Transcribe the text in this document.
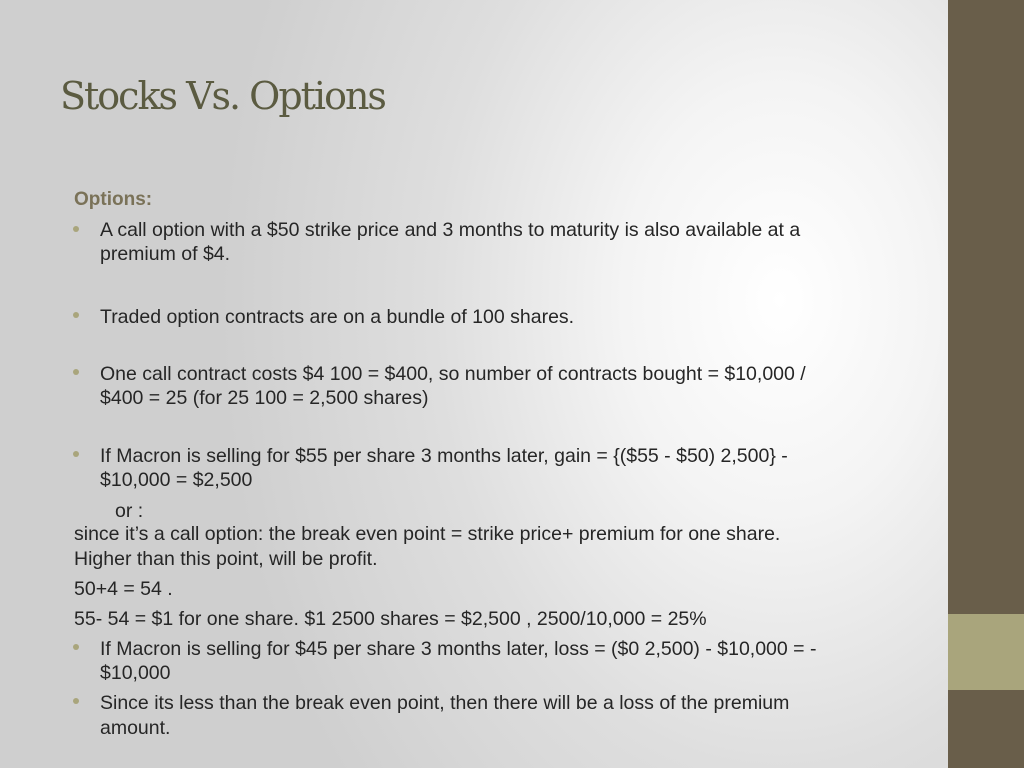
Stocks Vs. Options
Options:
A call option with a $50 strike price and 3 months to maturity is also available at a
premium of $4.
Traded option contracts are on a bundle of 100 shares.
One call contract costs $4 100 = $400, so number of contracts bought = $10,000 /
$400 = 25 (for 25 100 = 2,500 shares)
If Macron is selling for $55 per share 3 months later, gain = {($55 - $50) 2,500} -
$10,000 = $2,500
or :
since it’s a call option: the break even point = strike price+ premium for one share.
Higher than this point, will be profit.
50+4 = 54 .
55- 54 = $1 for one share. $1 2500 shares = $2,500 , 2500/10,000 = 25%
If Macron is selling for $45 per share 3 months later, loss = ($0 2,500) - $10,000 = -
$10,000
Since its less than the break even point, then there will be a loss of the premium
amount.
